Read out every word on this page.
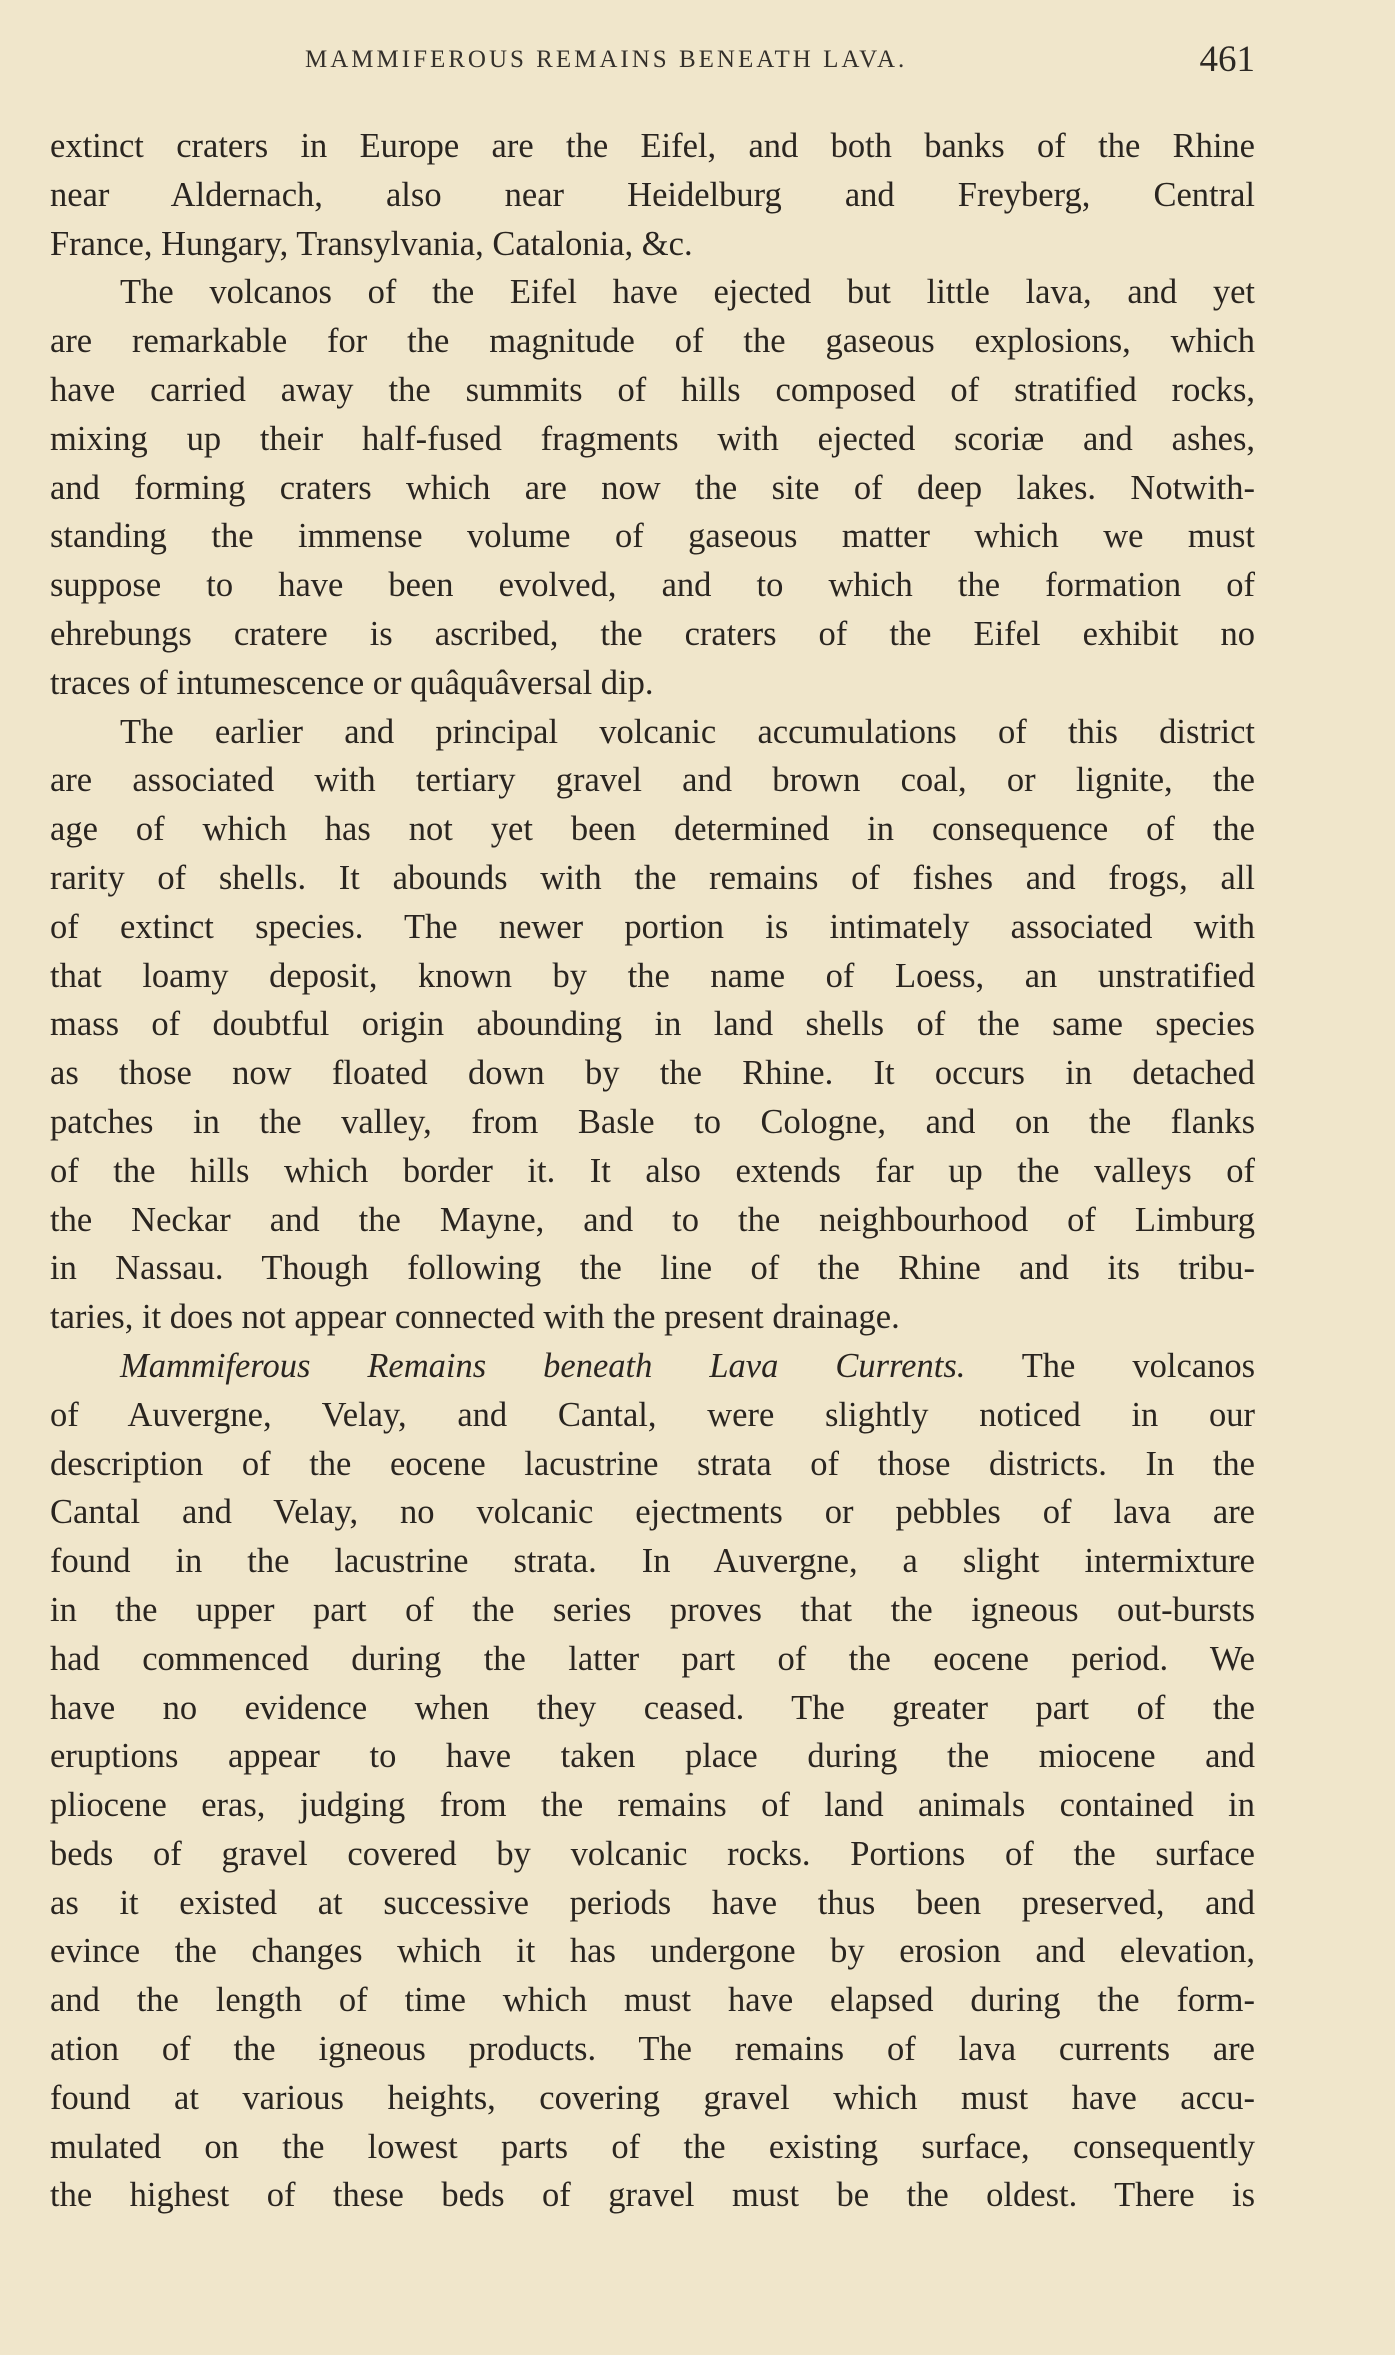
MAMMIFEROUS REMAINS BENEATH LAVA.	461
extinct craters in Europe are the Eifel, and both banks of the Rhine
near Aldernach, also near Heidelburg and Freyberg, Central
France, Hungary, Transylvania, Catalonia, &c.
The volcanos of the Eifel have ejected but little lava, and yet
are remarkable for the magnitude of the gaseous explosions, which
have carried away the summits of hills composed of stratified rocks,
mixing up their half-fused fragments with ejected scoriæ and ashes,
and forming craters which are now the site of deep lakes. Notwith-
standing the immense volume of gaseous matter which we must
suppose to have been evolved, and to which the formation of
ehrebungs cratere is ascribed, the craters of the Eifel exhibit no
traces of intumescence or quâquâversal dip.
The earlier and principal volcanic accumulations of this district
are associated with tertiary gravel and brown coal, or lignite, the
age of which has not yet been determined in consequence of the
rarity of shells. It abounds with the remains of fishes and frogs, all
of extinct species. The newer portion is intimately associated with
that loamy deposit, known by the name of Loess, an unstratified
mass of doubtful origin abounding in land shells of the same species
as those now floated down by the Rhine. It occurs in detached
patches in the valley, from Basle to Cologne, and on the flanks
of the hills which border it. It also extends far up the valleys of
the Neckar and the Mayne, and to the neighbourhood of Limburg
in Nassau. Though following the line of the Rhine and its tribu-
taries, it does not appear connected with the present drainage.
Mammiferous Remains beneath Lava Currents. The volcanos
of Auvergne, Velay, and Cantal, were slightly noticed in our
description of the eocene lacustrine strata of those districts. In the
Cantal and Velay, no volcanic ejectments or pebbles of lava are
found in the lacustrine strata. In Auvergne, a slight intermixture
in the upper part of the series proves that the igneous out-bursts
had commenced during the latter part of the eocene period. We
have no evidence when they ceased. The greater part of the
eruptions appear to have taken place during the miocene and
pliocene eras, judging from the remains of land animals contained in
beds of gravel covered by volcanic rocks. Portions of the surface
as it existed at successive periods have thus been preserved, and
evince the changes which it has undergone by erosion and elevation,
and the length of time which must have elapsed during the form-
ation of the igneous products. The remains of lava currents are
found at various heights, covering gravel which must have accu-
mulated on the lowest parts of the existing surface, consequently
the highest of these beds of gravel must be the oldest. There is
